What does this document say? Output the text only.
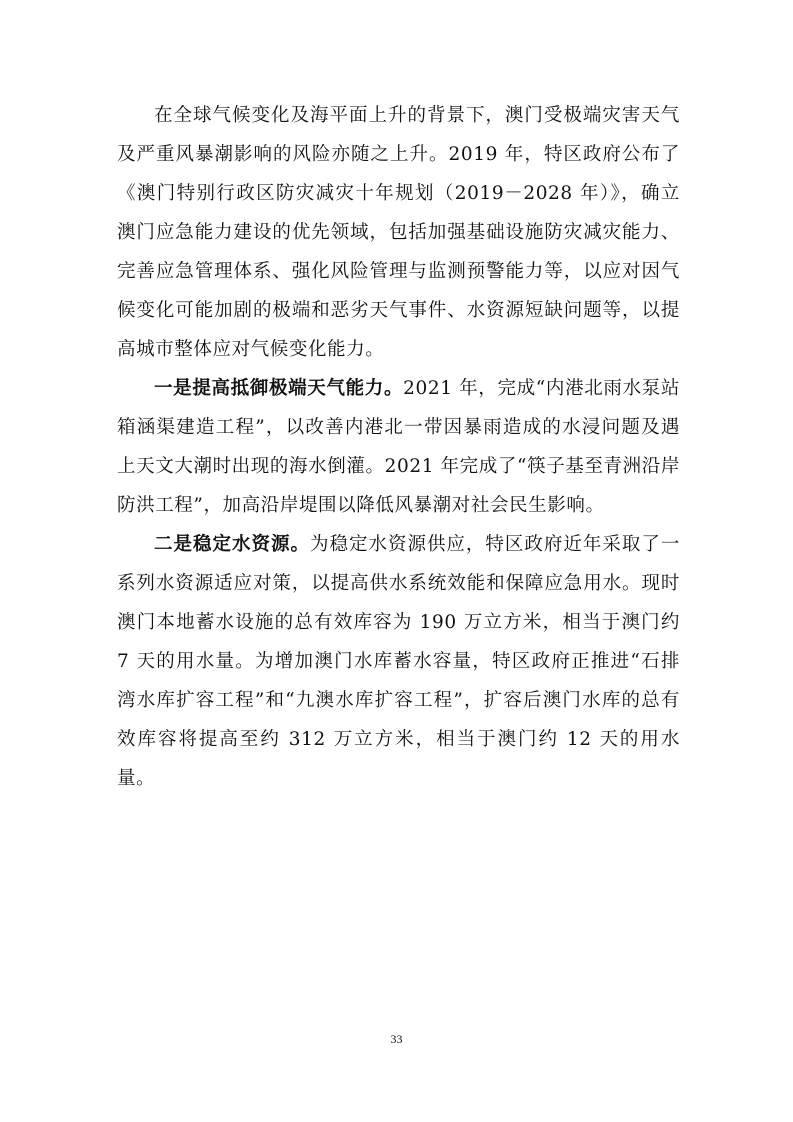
在全球气候变化及海平面上升的背景下，澳门受极端灾害天气及严重风暴潮影响的风险亦随之上升。2019 年，特区政府公布了《澳门特别行政区防灾减灾十年规划（2019－2028 年）》，确立澳门应急能力建设的优先领域，包括加强基础设施防灾减灾能力、完善应急管理体系、强化风险管理与监测预警能力等，以应对因气候变化可能加剧的极端和恶劣天气事件、水资源短缺问题等，以提高城市整体应对气候变化能力。

一是提高抵御极端天气能力。2021 年，完成“内港北雨水泵站箱涵渠建造工程”，以改善内港北一带因暴雨造成的水浸问题及遇上天文大潮时出现的海水倒灌。2021 年完成了“筷子基至青洲沿岸防洪工程”，加高沿岸堤围以降低风暴潮对社会民生影响。

二是稳定水资源。为稳定水资源供应，特区政府近年采取了一系列水资源适应对策，以提高供水系统效能和保障应急用水。现时澳门本地蓄水设施的总有效库容为 190 万立方米，相当于澳门约 7 天的用水量。为增加澳门水库蓄水容量，特区政府正推进“石排湾水库扩容工程”和“九澳水库扩容工程”，扩容后澳门水库的总有效库容将提高至约 312 万立方米，相当于澳门约 12 天的用水量。

33
